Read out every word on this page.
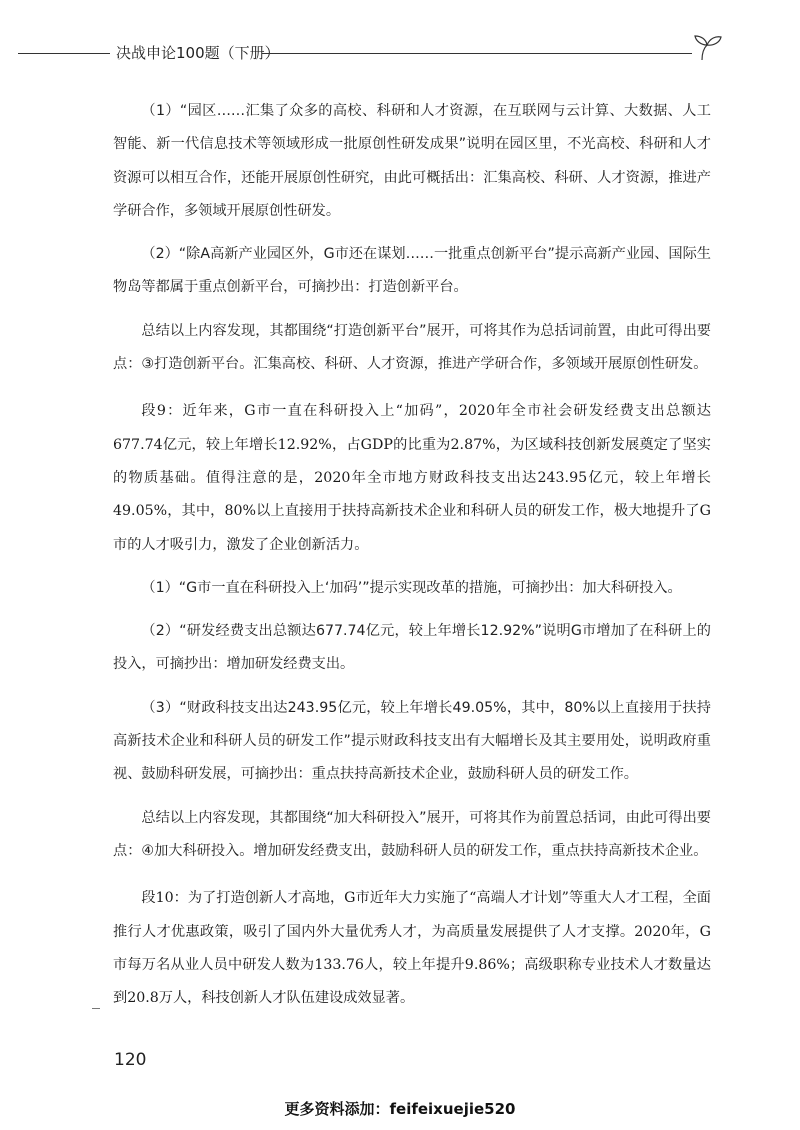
决战申论100题（下册）

（1）“园区……汇集了众多的高校、科研和人才资源，在互联网与云计算、大数据、人工智能、新一代信息技术等领域形成一批原创性研发成果”说明在园区里，不光高校、科研和人才资源可以相互合作，还能开展原创性研究，由此可概括出：汇集高校、科研、人才资源，推进产学研合作，多领域开展原创性研发。

（2）“除A高新产业园区外，G市还在谋划……一批重点创新平台”提示高新产业园、国际生物岛等都属于重点创新平台，可摘抄出：打造创新平台。

总结以上内容发现，其都围绕“打造创新平台”展开，可将其作为总括词前置，由此可得出要点：③打造创新平台。汇集高校、科研、人才资源，推进产学研合作，多领域开展原创性研发。

段9：近年来，G市一直在科研投入上“加码”，2020年全市社会研发经费支出总额达677.74亿元，较上年增长12.92%，占GDP的比重为2.87%，为区域科技创新发展奠定了坚实的物质基础。值得注意的是，2020年全市地方财政科技支出达243.95亿元，较上年增长49.05%，其中，80%以上直接用于扶持高新技术企业和科研人员的研发工作，极大地提升了G市的人才吸引力，激发了企业创新活力。

（1）“G市一直在科研投入上‘加码’”提示实现改革的措施，可摘抄出：加大科研投入。

（2）“研发经费支出总额达677.74亿元，较上年增长12.92%”说明G市增加了在科研上的投入，可摘抄出：增加研发经费支出。

（3）“财政科技支出达243.95亿元，较上年增长49.05%，其中，80%以上直接用于扶持高新技术企业和科研人员的研发工作”提示财政科技支出有大幅增长及其主要用处，说明政府重视、鼓励科研发展，可摘抄出：重点扶持高新技术企业，鼓励科研人员的研发工作。

总结以上内容发现，其都围绕“加大科研投入”展开，可将其作为前置总括词，由此可得出要点：④加大科研投入。增加研发经费支出，鼓励科研人员的研发工作，重点扶持高新技术企业。

段10：为了打造创新人才高地，G市近年大力实施了“高端人才计划”等重大人才工程，全面推行人才优惠政策，吸引了国内外大量优秀人才，为高质量发展提供了人才支撑。2020年，G市每万名从业人员中研发人数为133.76人，较上年提升9.86%；高级职称专业技术人才数量达到20.8万人，科技创新人才队伍建设成效显著。

120
更多资料添加：feifeixuejie520
